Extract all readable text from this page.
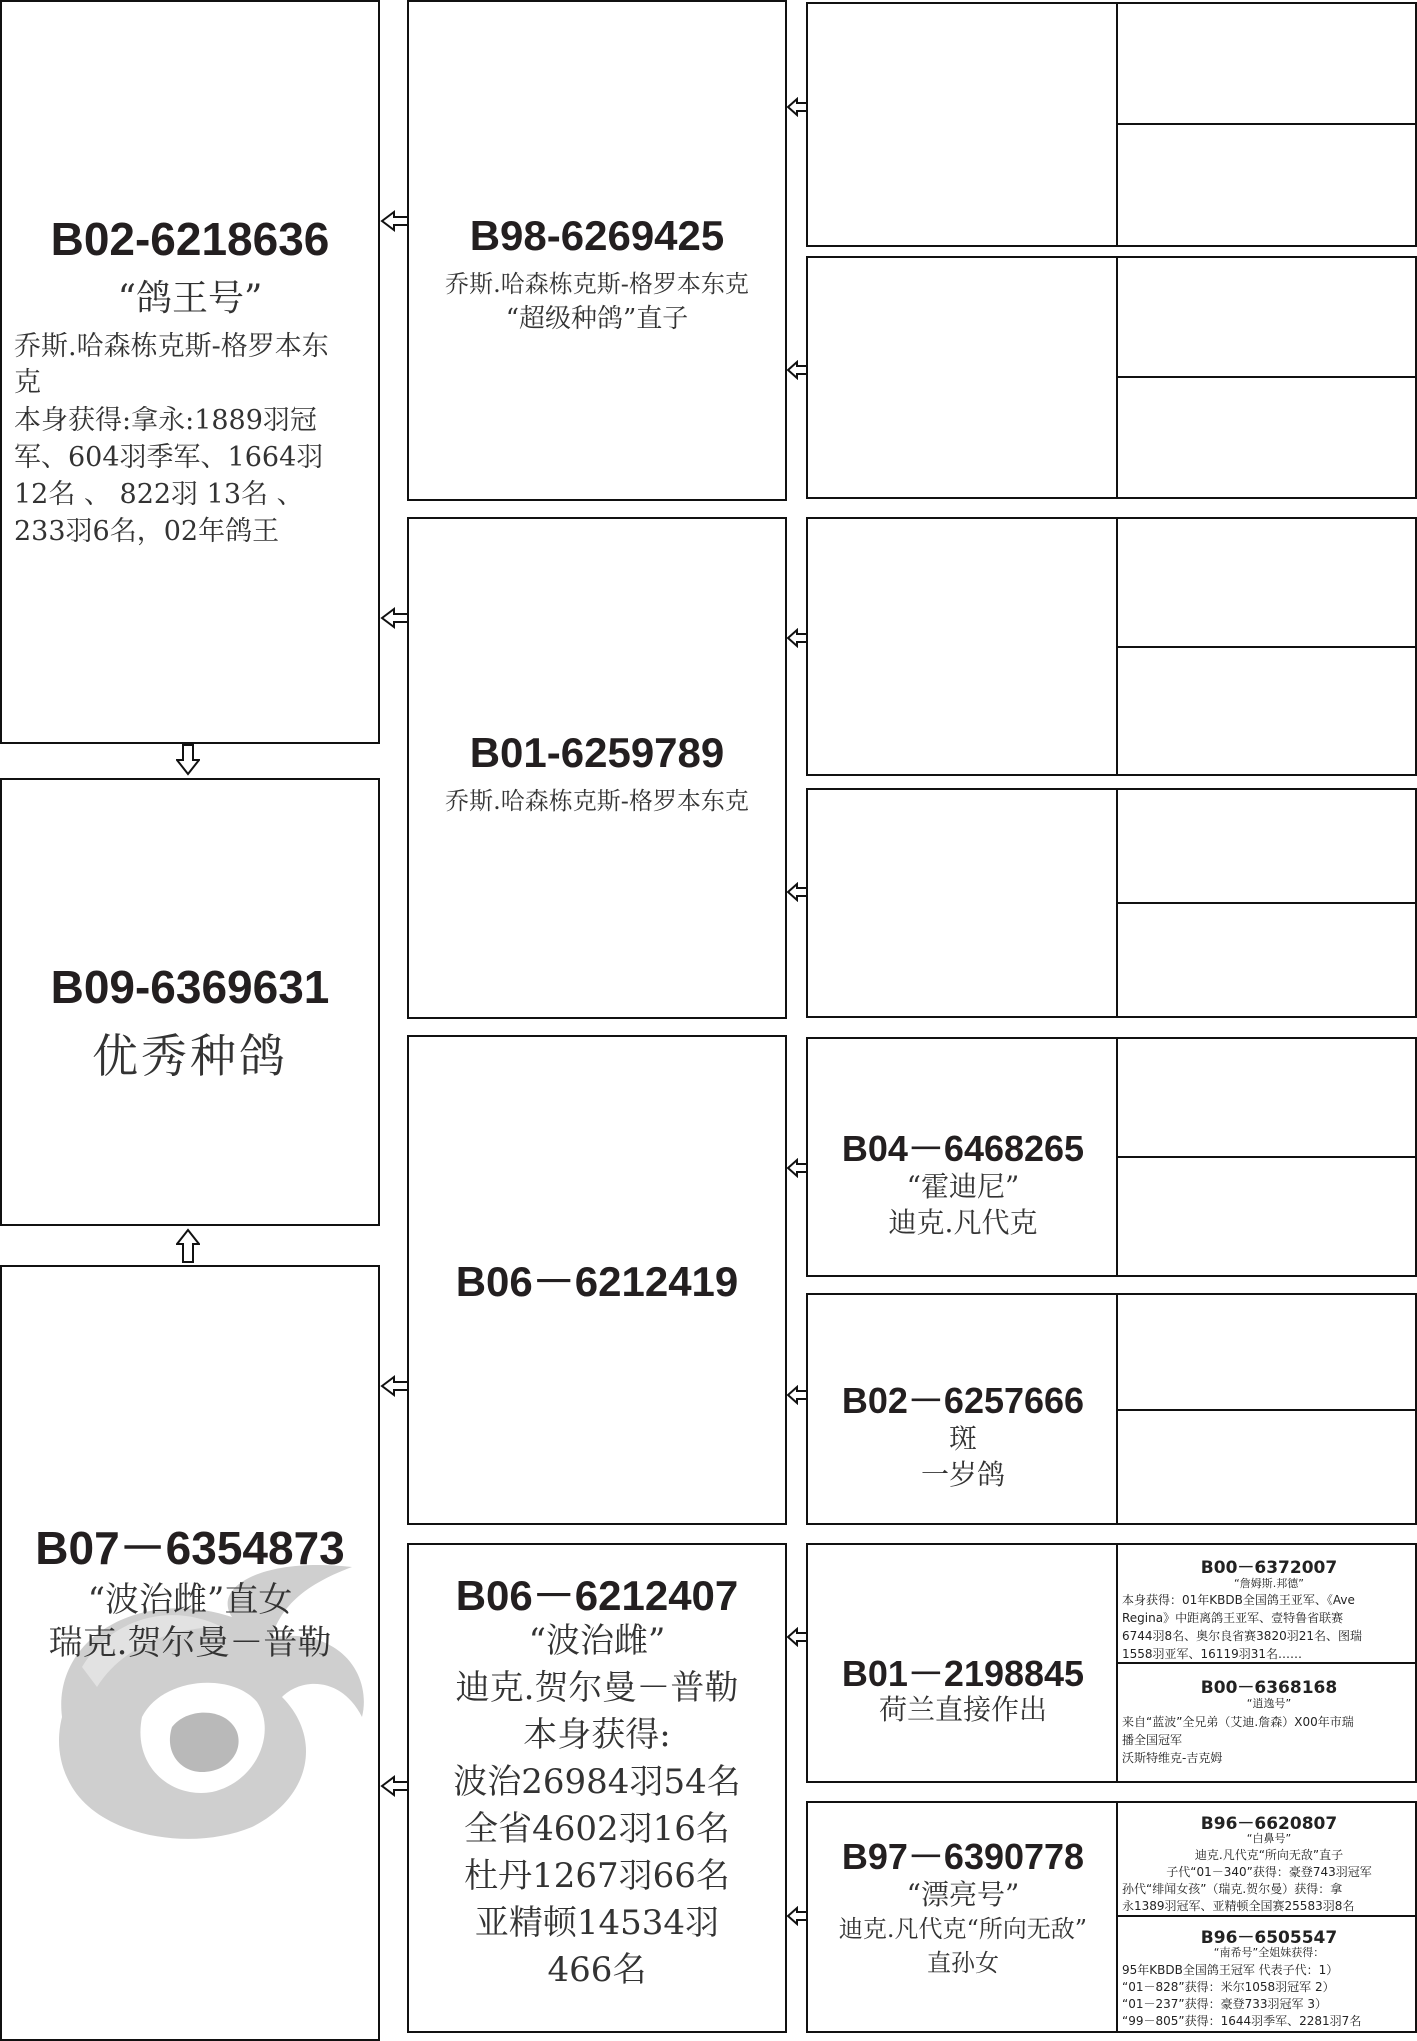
B02-6218636
“鸽王号”
乔斯.哈森栋克斯-格罗本东
克
本身获得:拿永:1889羽冠
军、604羽季军、1664羽
12名 、 822羽 13名 、
233羽6名，02年鸽王
B09-6369631
优秀种鸽
B07－6354873
“波治雌”直女
瑞克.贺尔曼－普勒
B98-6269425
乔斯.哈森栋克斯-格罗本东克
“超级种鸽”直子
B01-6259789
乔斯.哈森栋克斯-格罗本东克
B06－6212419
B06－6212407
“波治雌”
迪克.贺尔曼－普勒
本身获得:
波治26984羽54名
全省4602羽16名
杜丹1267羽66名
亚精顿14534羽
466名
B04－6468265
“霍迪尼”
迪克.凡代克
B02－6257666
斑
一岁鸽
B01－2198845
荷兰直接作出
B00－6372007
“詹姆斯.邦德”
本身获得：01年KBDB全国鸽王亚军、《Ave
Regina》中距离鸽王亚军、壹特鲁省联赛
6744羽8名、奥尔良省赛3820羽21名、图瑞
1558羽亚军、16119羽31名……
B00－6368168
“逍逸号”
来自“蓝波”全兄弟（艾迪.詹森）X00年市瑞
播全国冠军
沃斯特维克-吉克姆
B97－6390778
“漂亮号”
迪克.凡代克“所向无敌”
直孙女
B96－6620807
“白鼻号”
迪克.凡代克“所向无敌”直子
子代“01－340”获得：豪登743羽冠军
孙代“绯闻女孩”（瑞克.贺尔曼）获得：拿
永1389羽冠军、亚精顿全国赛25583羽8名
B96－6505547
“南希号”全姐妹获得：
95年KBDB全国鸽王冠军 代表子代：1）
“01－828”获得：米尔1058羽冠军 2）
“01－237”获得：豪登733羽冠军 3）
“99－805”获得：1644羽季军、2281羽7名
